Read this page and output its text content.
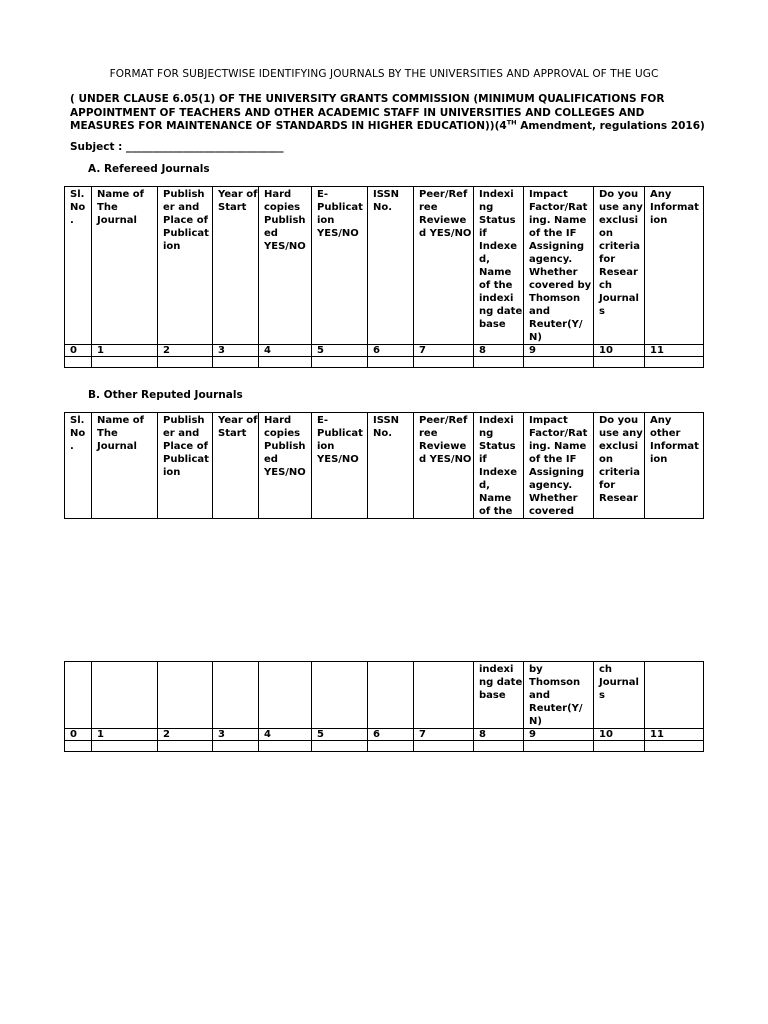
FORMAT FOR SUBJECTWISE IDENTIFYING JOURNALS BY THE UNIVERSITIES AND APPROVAL OF THE UGC
( UNDER CLAUSE 6.05(1) OF THE UNIVERSITY GRANTS COMMISSION (MINIMUM QUALIFICATIONS FOR APPOINTMENT OF TEACHERS AND OTHER ACADEMIC STAFF IN UNIVERSITIES AND COLLEGES AND MEASURES FOR MAINTENANCE OF STANDARDS IN HIGHER EDUCATION))(4TH Amendment, regulations 2016)
Subject : ______________________________
A. Refereed Journals
Sl. No .	Name of The Journal	Publish er and Place of Publicat ion	Year of Start	Hard copies Publish ed YES/NO	E-Publicat ion YES/NO	ISSN No.	Peer/Ref ree Reviewe d YES/NO	Indexi ng Status if Indexe d, Name of the indexi ng date base	Impact Factor/Rat ing. Name of the IF Assigning agency. Whether covered by Thomson and Reuter(Y/ N)	Do you use any exclusi on criteria for Resear ch Journal s	Any Informat ion
0	1	2	3	4	5	6	7	8	9	10	11

B. Other Reputed Journals
Sl. No .	Name of The Journal	Publish er and Place of Publicat ion	Year of Start	Hard copies Publish ed YES/NO	E-Publicat ion YES/NO	ISSN No.	Peer/Ref ree Reviewe d YES/NO	Indexi ng Status if Indexe d, Name of the	Impact Factor/Rat ing. Name of the IF Assigning agency. Whether covered	Do you use any exclusi on criteria for Resear	Any other Informat ion
								indexi ng date base	by Thomson and Reuter(Y/ N)	ch Journal s	
0	1	2	3	4	5	6	7	8	9	10	11
